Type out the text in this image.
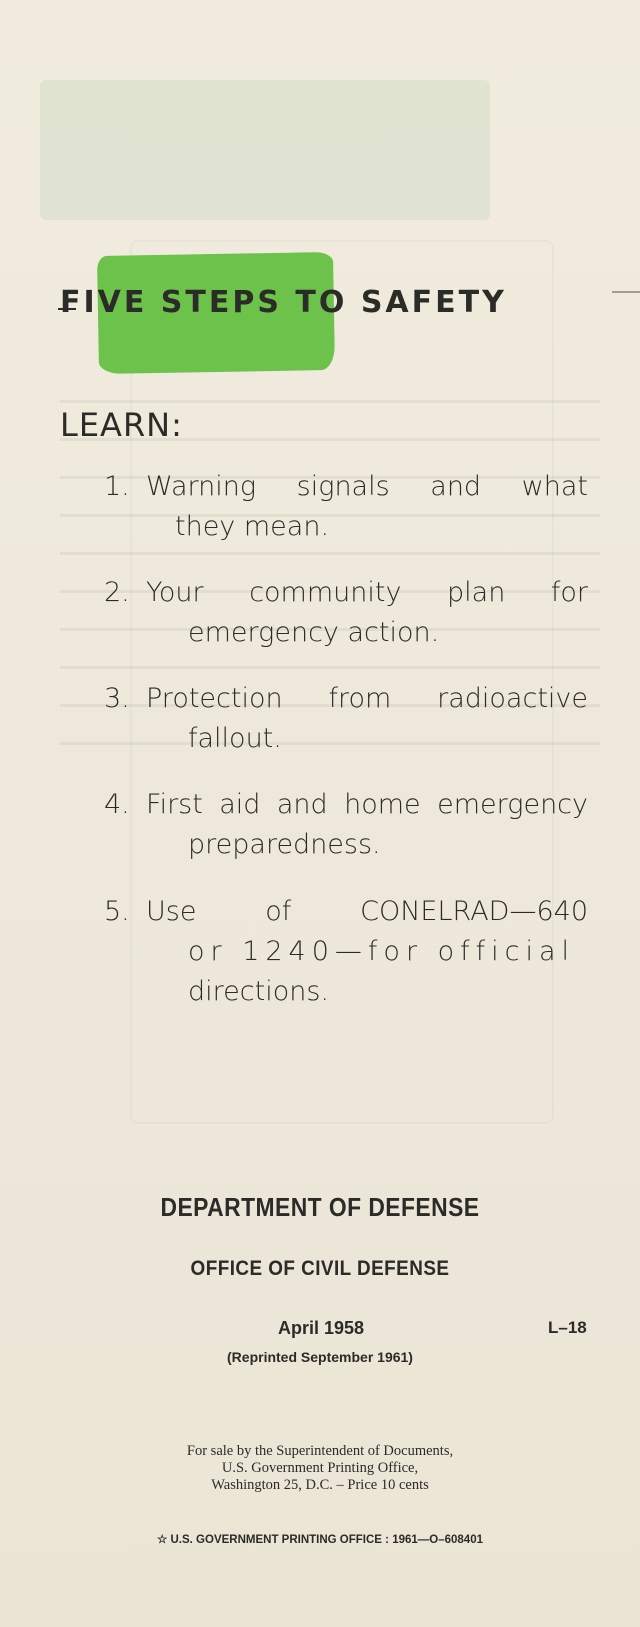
FIVE STEPS TO SAFETY
LEARN:
1. Warning signals and what
they mean.
2. Your community plan for
emergency action.
3. Protection from radioactive
fallout.
4. First aid and home emergency
preparedness.
5. Use of CONELRAD—640
or 1240—for official
directions.
DEPARTMENT OF DEFENSE
OFFICE OF CIVIL DEFENSE
April 1958	L–18
(Reprinted September 1961)
For sale by the Superintendent of Documents,
U.S. Government Printing Office,
Washington 25, D.C. – Price 10 cents
☆ U.S. GOVERNMENT PRINTING OFFICE : 1961—O–608401
